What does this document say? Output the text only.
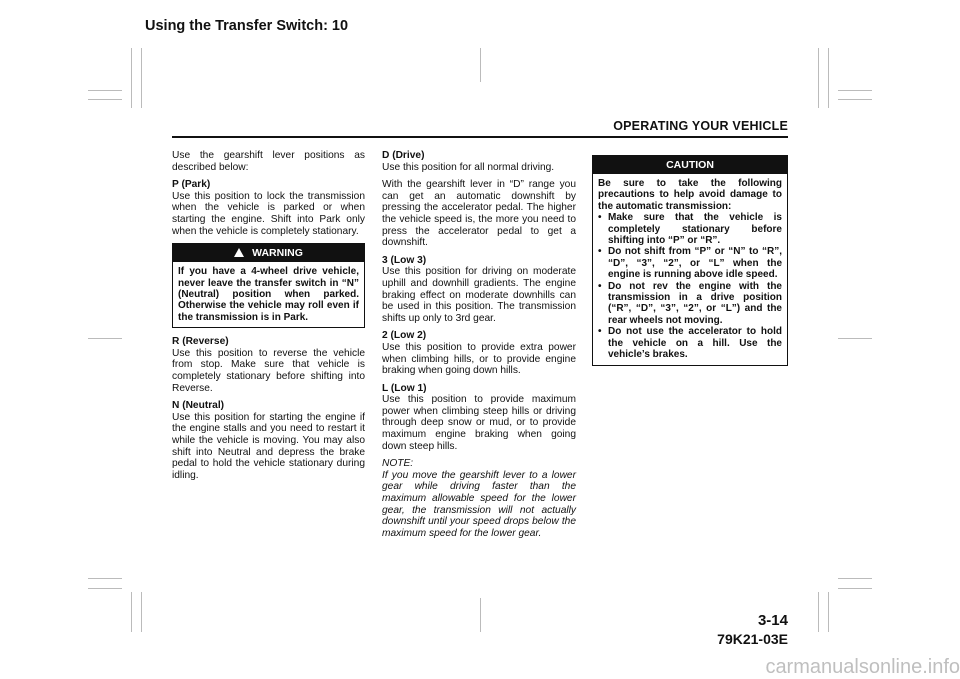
Using the Transfer Switch: 10
OPERATING YOUR VEHICLE

Use the gearshift lever positions as described below:

P (Park)
Use this position to lock the transmission when the vehicle is parked or when starting the engine. Shift into Park only when the vehicle is completely stationary.

WARNING
If you have a 4-wheel drive vehicle, never leave the transfer switch in “N” (Neutral) position when parked. Otherwise the vehicle may roll even if the transmission is in Park.

R (Reverse)
Use this position to reverse the vehicle from stop. Make sure that vehicle is completely stationary before shifting into Reverse.

N (Neutral)
Use this position for starting the engine if the engine stalls and you need to restart it while the vehicle is moving. You may also shift into Neutral and depress the brake pedal to hold the vehicle stationary during idling.

D (Drive)
Use this position for all normal driving.

With the gearshift lever in “D” range you can get an automatic downshift by pressing the accelerator pedal. The higher the vehicle speed is, the more you need to press the accelerator pedal to get a downshift.

3 (Low 3)
Use this position for driving on moderate uphill and downhill gradients. The engine braking effect on moderate downhills can be used in this position. The transmission shifts up only to 3rd gear.

2 (Low 2)
Use this position to provide extra power when climbing hills, or to provide engine braking when going down hills.

L (Low 1)
Use this position to provide maximum power when climbing steep hills or driving through deep snow or mud, or to provide maximum engine braking when going down steep hills.

NOTE:
If you move the gearshift lever to a lower gear while driving faster than the maximum allowable speed for the lower gear, the transmission will not actually downshift until your speed drops below the maximum speed for the lower gear.

CAUTION
Be sure to take the following precautions to help avoid damage to the automatic transmission:
• Make sure that the vehicle is completely stationary before shifting into “P” or “R”.
• Do not shift from “P” or “N” to “R”, “D”, “3”, “2”, or “L” when the engine is running above idle speed.
• Do not rev the engine with the transmission in a drive position (“R”, “D”, “3”, “2”, or “L”) and the rear wheels not moving.
• Do not use the accelerator to hold the vehicle on a hill. Use the vehicle’s brakes.
3-14
79K21-03E
carmanualsonline.info
